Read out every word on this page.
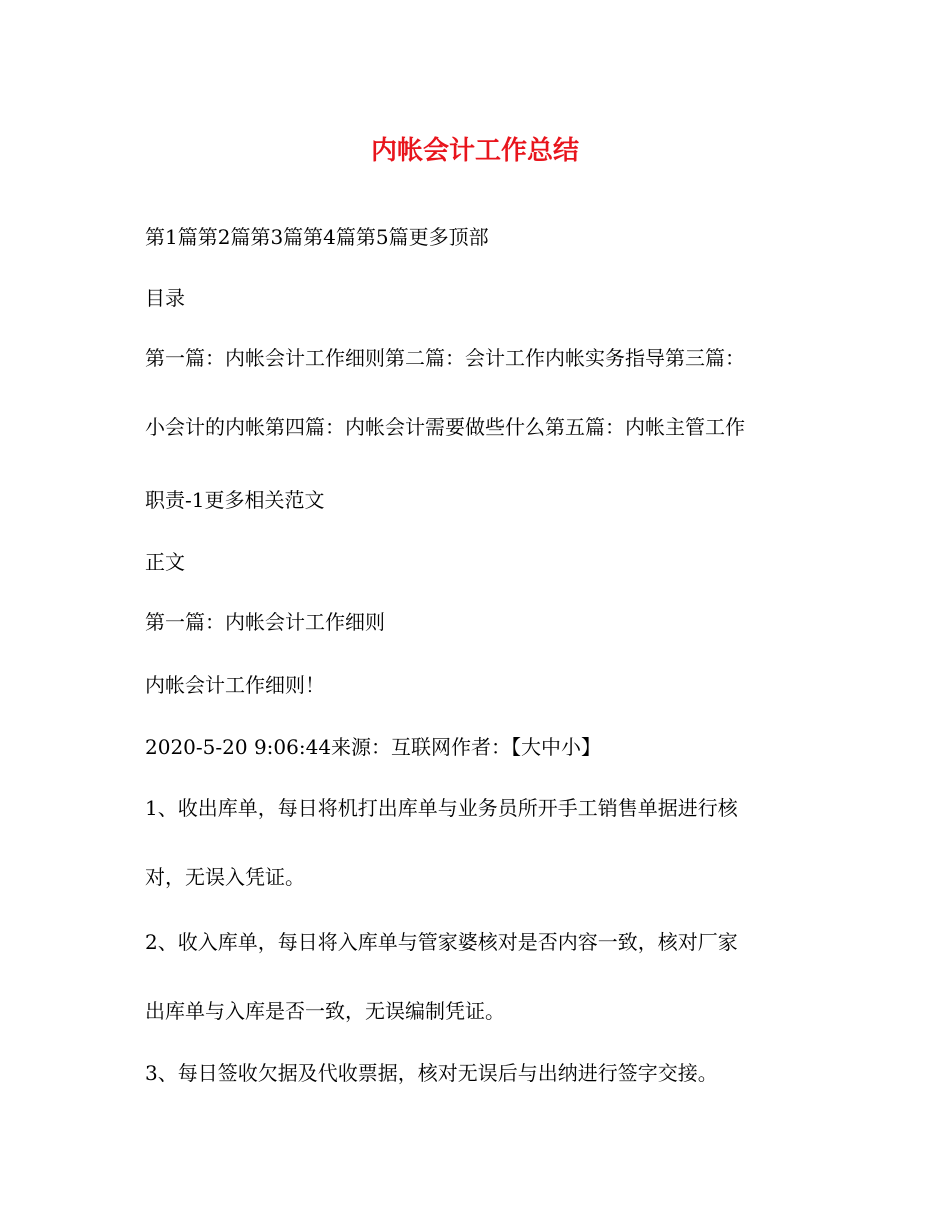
内帐会计工作总结
第1篇第2篇第3篇第4篇第5篇更多顶部
目录
第一篇：内帐会计工作细则第二篇：会计工作内帐实务指导第三篇：
小会计的内帐第四篇：内帐会计需要做些什么第五篇：内帐主管工作
职责-1更多相关范文
正文
第一篇：内帐会计工作细则
内帐会计工作细则！
2020-5-20 9:06:44来源：互联网作者：【大中小】
1、收出库单，每日将机打出库单与业务员所开手工销售单据进行核
对，无误入凭证。
2、收入库单，每日将入库单与管家婆核对是否内容一致，核对厂家
出库单与入库是否一致，无误编制凭证。
3、每日签收欠据及代收票据，核对无误后与出纳进行签字交接。
